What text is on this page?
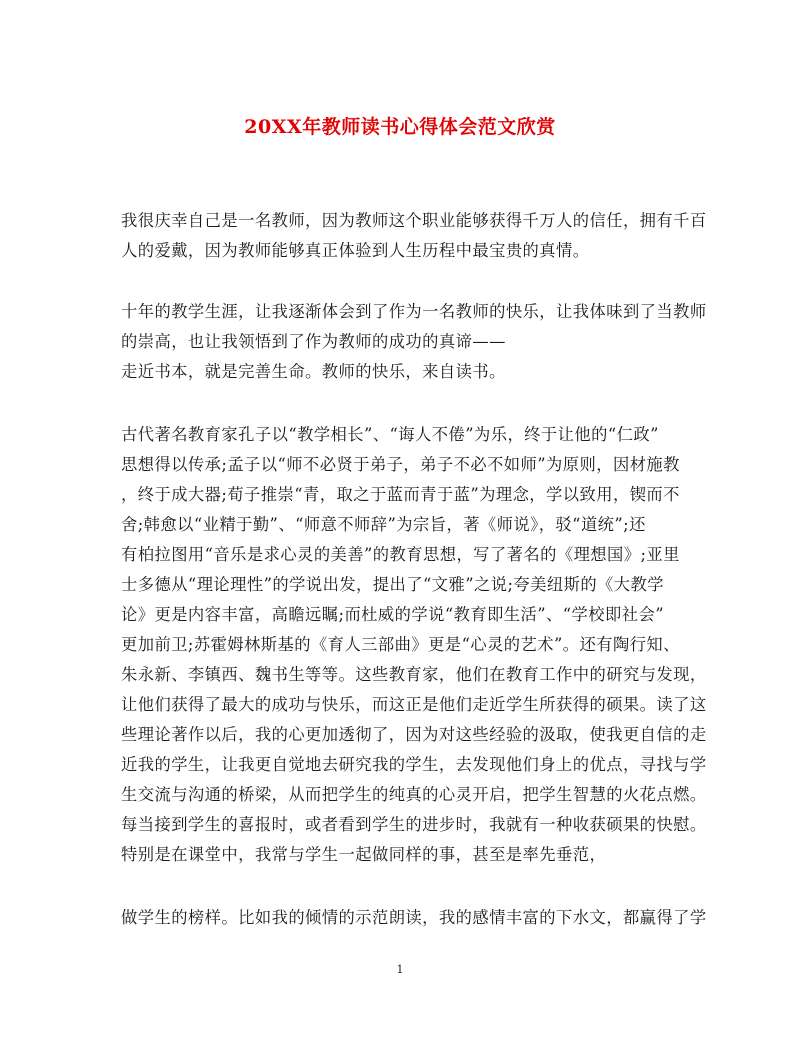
20XX年教师读书心得体会范文欣赏
我很庆幸自己是一名教师，因为教师这个职业能够获得千万人的信任，拥有千百
人的爱戴，因为教师能够真正体验到人生历程中最宝贵的真情。
十年的教学生涯，让我逐渐体会到了作为一名教师的快乐，让我体味到了当教师
的崇高，也让我领悟到了作为教师的成功的真谛——
走近书本，就是完善生命。教师的快乐，来自读书。
古代著名教育家孔子以“教学相长”、“诲人不倦”为乐，终于让他的“仁政”
思想得以传承;孟子以“师不必贤于弟子，弟子不必不如师”为原则，因材施教
，终于成大器;荀子推崇“青，取之于蓝而青于蓝”为理念，学以致用，锲而不
舍;韩愈以“业精于勤”、“师意不师辞”为宗旨，著《师说》，驳“道统”;还
有柏拉图用“音乐是求心灵的美善”的教育思想，写了著名的《理想国》;亚里
士多德从“理论理性”的学说出发，提出了“文雅”之说;夸美纽斯的《大教学
论》更是内容丰富，高瞻远瞩;而杜威的学说“教育即生活”、“学校即社会”
更加前卫;苏霍姆林斯基的《育人三部曲》更是“心灵的艺术”。还有陶行知、
朱永新、李镇西、魏书生等等。这些教育家，他们在教育工作中的研究与发现，
让他们获得了最大的成功与快乐，而这正是他们走近学生所获得的硕果。读了这
些理论著作以后，我的心更加透彻了，因为对这些经验的汲取，使我更自信的走
近我的学生，让我更自觉地去研究我的学生，去发现他们身上的优点，寻找与学
生交流与沟通的桥梁，从而把学生的纯真的心灵开启，把学生智慧的火花点燃。
每当接到学生的喜报时，或者看到学生的进步时，我就有一种收获硕果的快慰。
特别是在课堂中，我常与学生一起做同样的事，甚至是率先垂范，
做学生的榜样。比如我的倾情的示范朗读，我的感情丰富的下水文，都赢得了学
1
